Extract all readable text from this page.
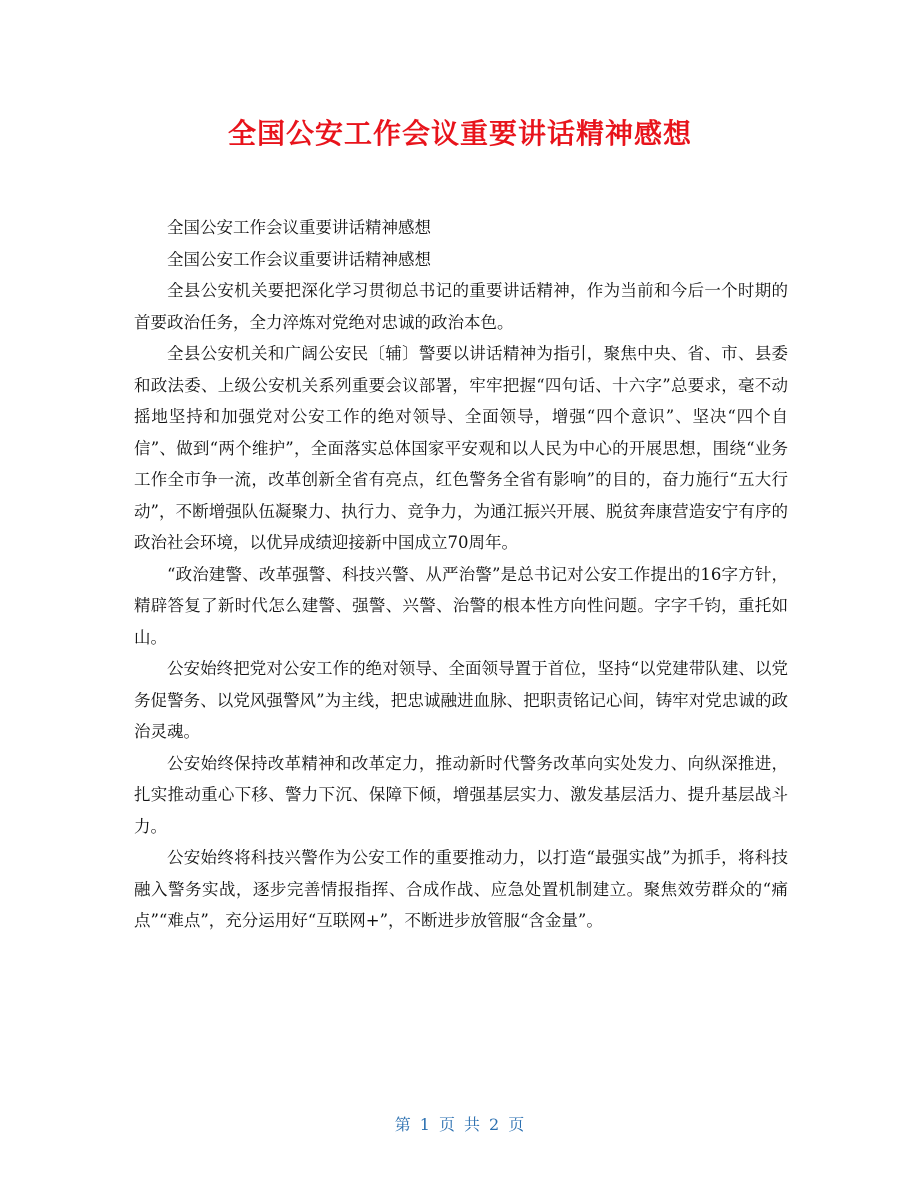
全国公安工作会议重要讲话精神感想

全国公安工作会议重要讲话精神感想

全国公安工作会议重要讲话精神感想

全县公安机关要把深化学习贯彻总书记的重要讲话精神，作为当前和今后一个时期的首要政治任务，全力淬炼对党绝对忠诚的政治本色。

全县公安机关和广阔公安民〔辅〕警要以讲话精神为指引，聚焦中央、省、市、县委和政法委、上级公安机关系列重要会议部署，牢牢把握“四句话、十六字”总要求，毫不动摇地坚持和加强党对公安工作的绝对领导、全面领导，增强“四个意识”、坚决“四个自信”、做到“两个维护”，全面落实总体国家平安观和以人民为中心的开展思想，围绕“业务工作全市争一流，改革创新全省有亮点，红色警务全省有影响”的目的，奋力施行“五大行动”，不断增强队伍凝聚力、执行力、竞争力，为通江振兴开展、脱贫奔康营造安宁有序的政治社会环境，以优异成绩迎接新中国成立70周年。

“政治建警、改革强警、科技兴警、从严治警”是总书记对公安工作提出的16字方针，精辟答复了新时代怎么建警、强警、兴警、治警的根本性方向性问题。字字千钧，重托如山。

公安始终把党对公安工作的绝对领导、全面领导置于首位，坚持“以党建带队建、以党务促警务、以党风强警风”为主线，把忠诚融进血脉、把职责铭记心间，铸牢对党忠诚的政治灵魂。

公安始终保持改革精神和改革定力，推动新时代警务改革向实处发力、向纵深推进，扎实推动重心下移、警力下沉、保障下倾，增强基层实力、激发基层活力、提升基层战斗力。

公安始终将科技兴警作为公安工作的重要推动力，以打造“最强实战”为抓手，将科技融入警务实战，逐步完善情报指挥、合成作战、应急处置机制建立。聚焦效劳群众的“痛点”“难点”，充分运用好“互联网+”，不断进步放管服“含金量”。

第 1 页 共 2 页
